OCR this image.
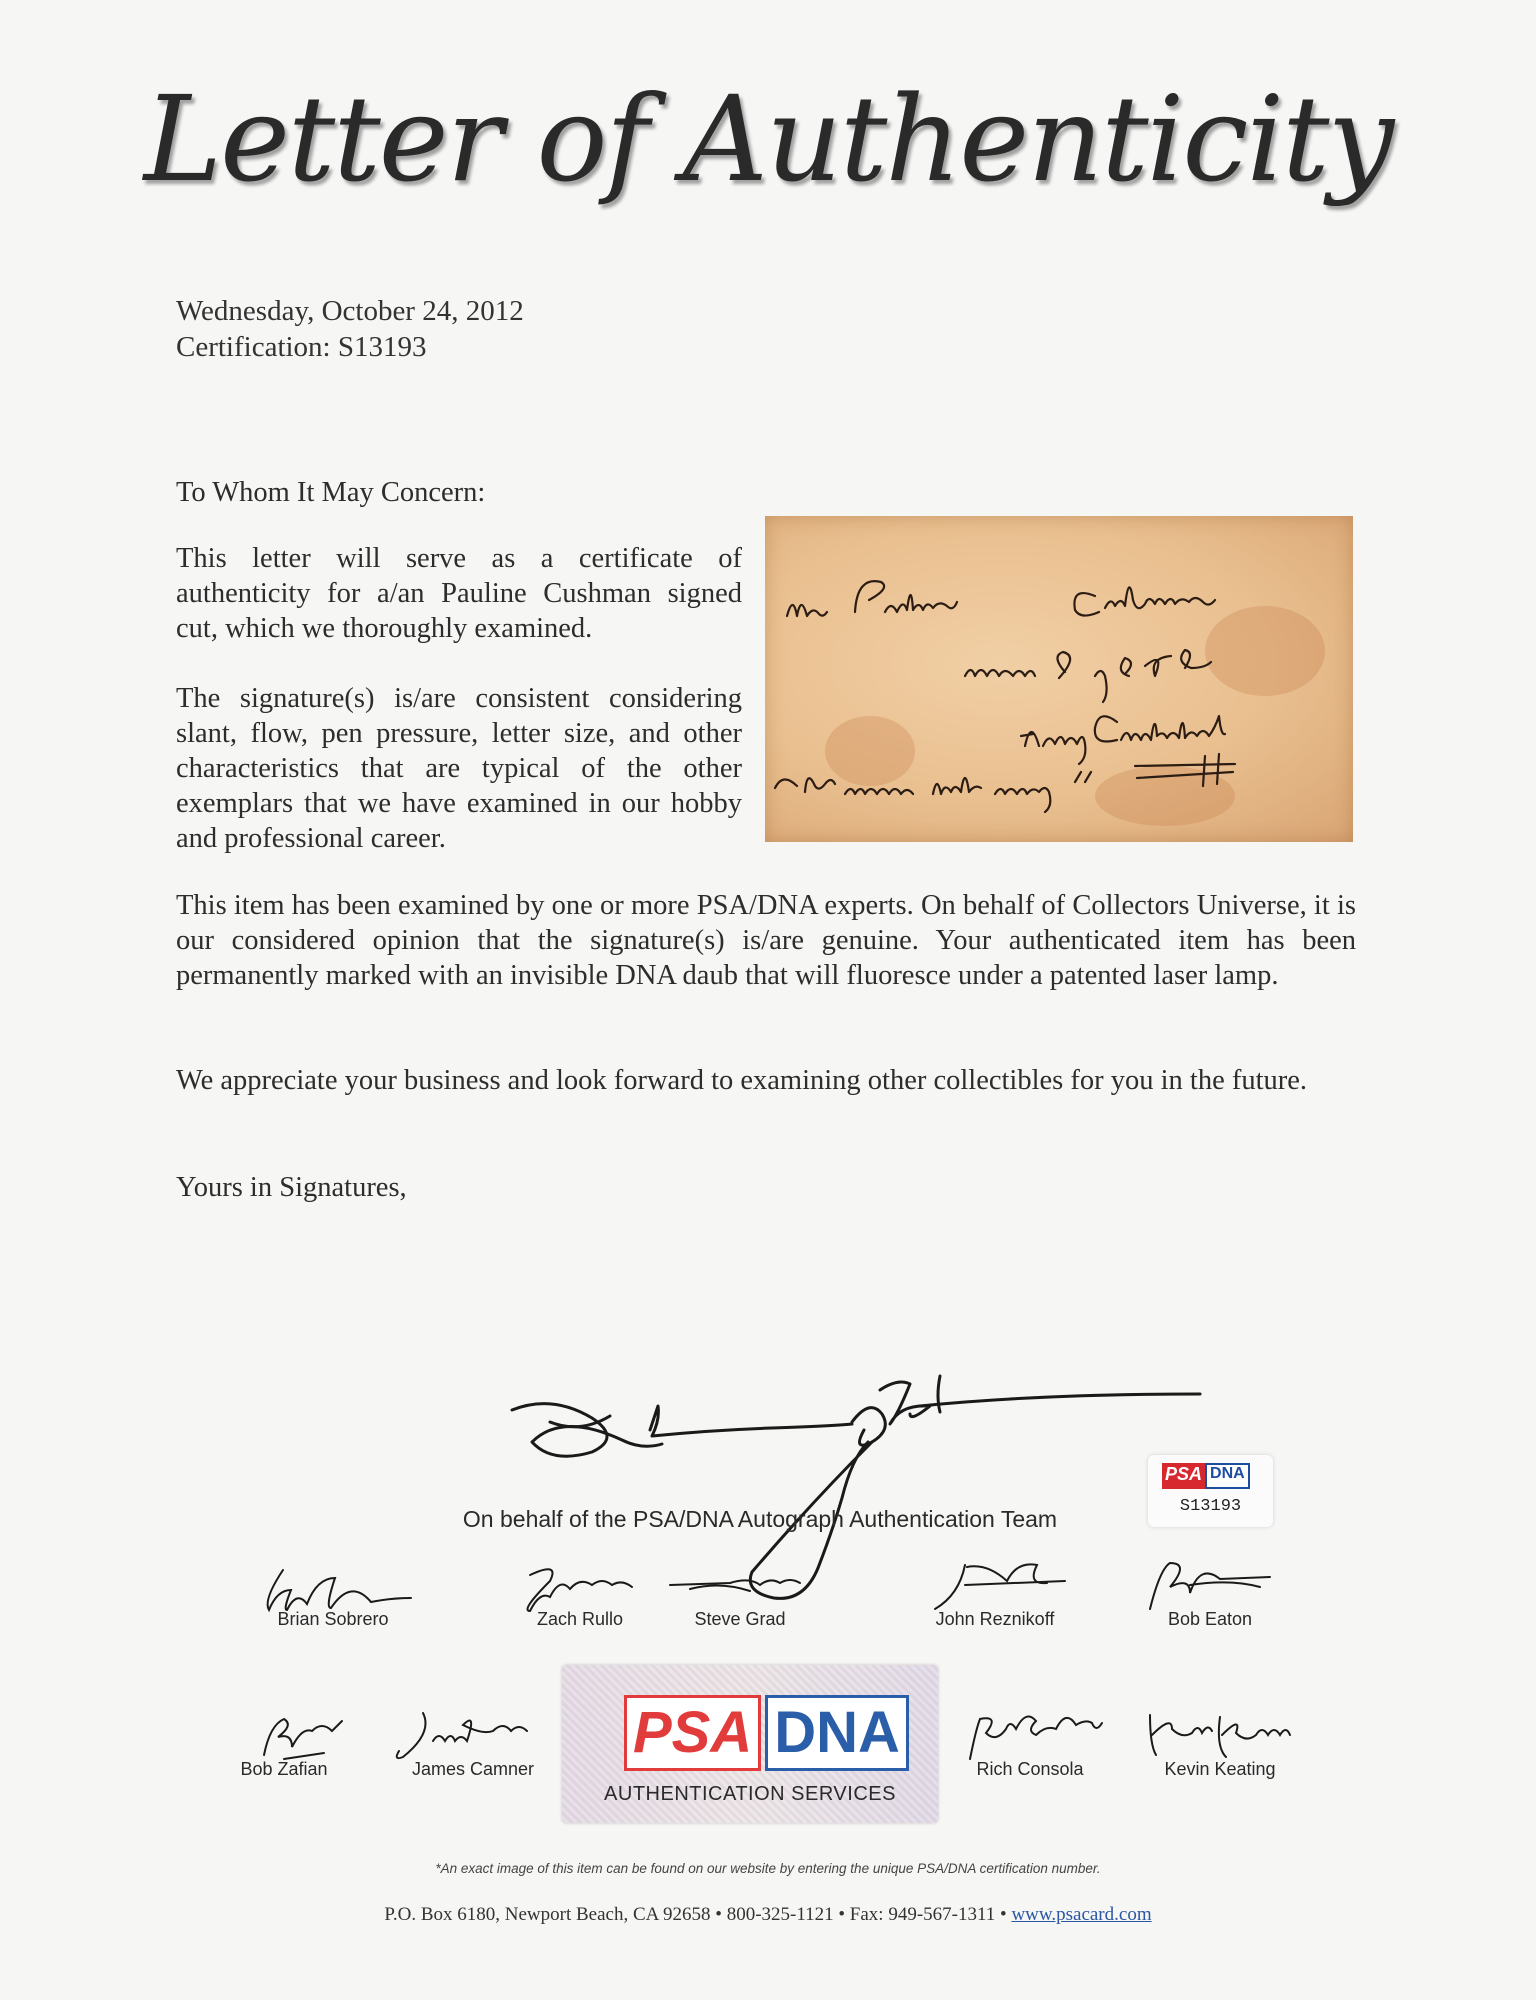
Letter of Authenticity
Wednesday, October 24, 2012
Certification: S13193
To Whom It May Concern:
This letter will serve as a certificate of authenticity for a/an Pauline Cushman signed cut, which we thoroughly examined.
The signature(s) is/are consistent considering slant, flow, pen pressure, letter size, and other characteristics that are typical of the other exemplars that we have examined in our hobby and professional career.
This item has been examined by one or more PSA/DNA experts. On behalf of Collectors Universe, it is our considered opinion that the signature(s) is/are genuine. Your authenticated item has been permanently marked with an invisible DNA daub that will fluoresce under a patented laser lamp.
We appreciate your business and look forward to examining other collectibles for you in the future.
Yours in Signatures,
On behalf of the PSA/DNA Autograph Authentication Team
PSA DNA
S13193
Brian Sobrero	Zach Rullo	Steve Grad	John Reznikoff	Bob Eaton
Bob Zafian	James Camner	Rich Consola	Kevin Keating
PSA DNA
AUTHENTICATION SERVICES
*An exact image of this item can be found on our website by entering the unique PSA/DNA certification number.
P.O. Box 6180, Newport Beach, CA 92658 • 800-325-1121 • Fax: 949-567-1311 • www.psacard.com
